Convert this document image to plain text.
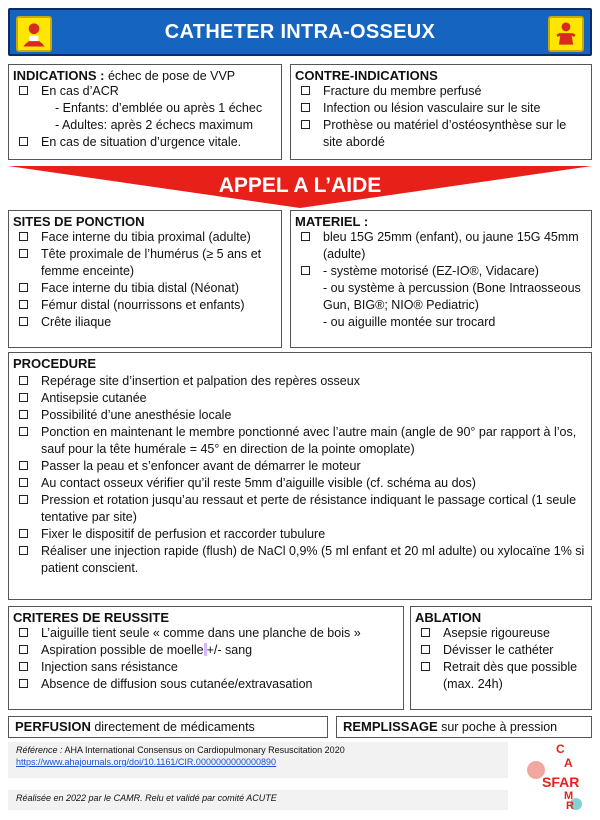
CATHETER INTRA-OSSEUX
INDICATIONS : échec de pose de VVP
En cas d’ACR
- Enfants: d’emblée ou après 1 échec
- Adultes: après 2 échecs maximum
En cas de situation d’urgence vitale.
CONTRE-INDICATIONS
Fracture du membre perfusé
Infection ou lésion vasculaire sur le site
Prothèse ou matériel d’ostéosynthèse sur le site abordé
APPEL A L’AIDE
SITES DE PONCTION
Face interne du tibia proximal (adulte)
Tête proximale de l’humérus (≥ 5 ans et femme enceinte)
Face interne du tibia distal (Néonat)
Fémur distal (nourrissons et enfants)
Crête iliaque
MATERIEL :
bleu 15G 25mm (enfant), ou jaune 15G 45mm (adulte)
- système motorisé (EZ-IO®, Vidacare)
- ou système à percussion (Bone Intraosseous Gun, BIG®; NIO® Pediatric)
- ou aiguille montée sur trocard
PROCEDURE
Repérage site d’insertion et palpation des repères osseux
Antisepsie cutanée
Possibilité d’une anesthésie locale
Ponction en maintenant le membre ponctionné avec l’autre main (angle de 90° par rapport à l’os, sauf pour la tête humérale = 45° en direction de la pointe omoplate)
Passer la peau et s’enfoncer avant de démarrer le moteur
Au contact osseux vérifier qu’il reste 5mm d’aiguille visible (cf. schéma au dos)
Pression et rotation jusqu’au ressaut et perte de résistance indiquant le passage cortical (1 seule tentative par site)
Fixer le dispositif de perfusion et raccorder tubulure
Réaliser une injection rapide (flush) de NaCl 0,9% (5 ml enfant et 20 ml adulte) ou xylocaïne 1% si patient conscient.
CRITERES DE REUSSITE
L’aiguille tient seule « comme dans une planche de bois »
Aspiration possible de moelle +/- sang
Injection sans résistance
Absence de diffusion sous cutanée/extravasation
ABLATION
Asepsie rigoureuse
Dévisser le cathéter
Retrait dès que possible (max. 24h)
PERFUSION directement de médicaments	REMPLISSAGE sur poche à pression
Référence : AHA International Consensus on Cardiopulmonary Resuscitation 2020
https://www.ahajournals.org/doi/10.1161/CIR.0000000000000890
Réalisée en 2022 par le CAMR. Relu et validé par comité ACUTE
C
A
SFAR
M
R
